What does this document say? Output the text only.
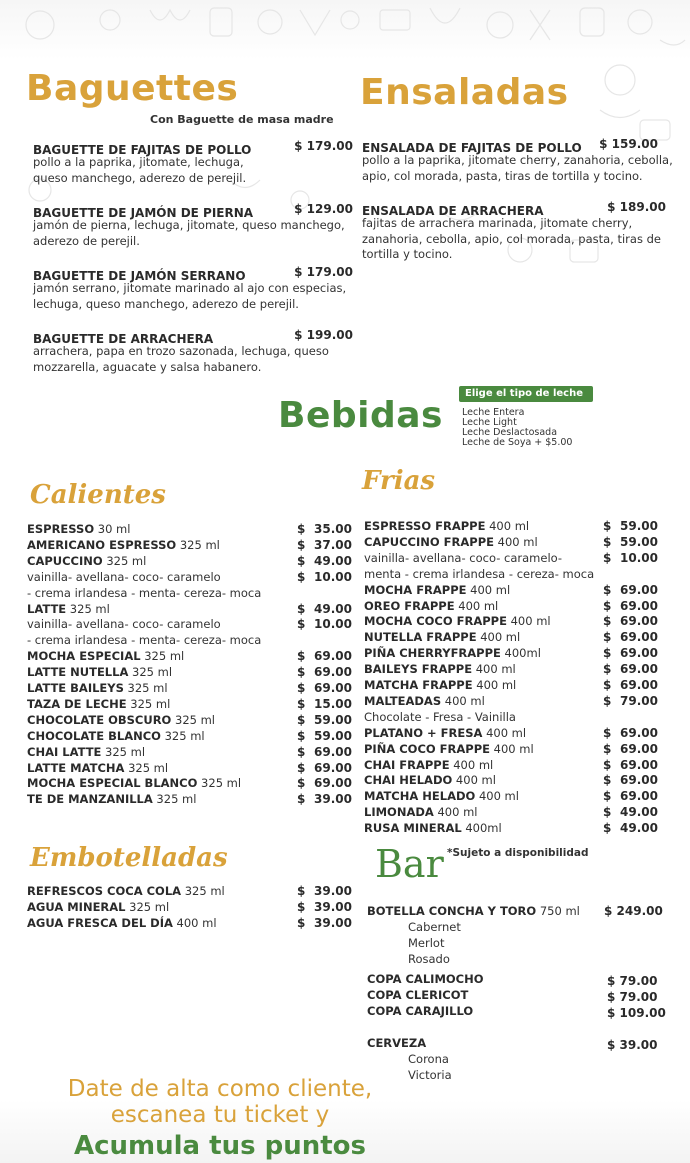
Baguettes
Con Baguette de masa madre
BAGUETTE DE FAJITAS DE POLLO	$ 179.00
pollo a la paprika, jitomate, lechuga,
queso manchego, aderezo de perejil.
BAGUETTE DE JAMÓN DE PIERNA	$ 129.00
jamón de pierna, lechuga, jitomate, queso manchego,
aderezo de perejil.
BAGUETTE DE JAMÓN SERRANO	$ 179.00
jamón serrano, jitomate marinado al ajo con especias,
lechuga, queso manchego, aderezo de perejil.
BAGUETTE DE ARRACHERA	$ 199.00
arrachera, papa en trozo sazonada, lechuga, queso
mozzarella, aguacate y salsa habanero.
Ensaladas
ENSALADA DE FAJITAS DE POLLO $ 159.00
pollo a la paprika, jitomate cherry, zanahoria, cebolla,
apio, col morada, pasta, tiras de tortilla y tocino.
ENSALADA DE ARRACHERA	$ 189.00
fajitas de arrachera marinada, jitomate cherry,
zanahoria, cebolla, apio, col morada, pasta, tiras de
tortilla y tocino.
Bebidas
Elige el tipo de leche
Leche Entera
Leche Light
Leche Deslactosada
Leche de Soya + $5.00
Calientes
ESPRESSO 30 ml	$ 35.00
AMERICANO ESPRESSO 325 ml	$ 37.00
CAPUCCINO 325 ml	$ 49.00
vainilla- avellana- coco- caramelo	$ 10.00
- crema irlandesa - menta- cereza- moca
LATTE 325 ml	$ 49.00
vainilla- avellana- coco- caramelo	$ 10.00
- crema irlandesa - menta- cereza- moca
MOCHA ESPECIAL 325 ml	$ 69.00
LATTE NUTELLA 325 ml	$ 69.00
LATTE BAILEYS 325 ml	$ 69.00
TAZA DE LECHE 325 ml	$ 15.00
CHOCOLATE OBSCURO 325 ml	$ 59.00
CHOCOLATE BLANCO 325 ml	$ 59.00
CHAI LATTE 325 ml	$ 69.00
LATTE MATCHA 325 ml	$ 69.00
MOCHA ESPECIAL BLANCO 325 ml	$ 69.00
TE DE MANZANILLA 325 ml	$ 39.00
Frias
ESPRESSO FRAPPE 400 ml	$ 59.00
CAPUCCINO FRAPPE 400 ml	$ 59.00
vainilla- avellana- coco- caramelo-	$ 10.00
menta - crema irlandesa - cereza- moca
MOCHA FRAPPE 400 ml	$ 69.00
OREO FRAPPE 400 ml	$ 69.00
MOCHA COCO FRAPPE 400 ml	$ 69.00
NUTELLA FRAPPE 400 ml	$ 69.00
PIÑA CHERRYFRAPPE 400ml	$ 69.00
BAILEYS FRAPPE 400 ml	$ 69.00
MATCHA FRAPPE 400 ml	$ 69.00
MALTEADAS 400 ml	$ 79.00
Chocolate - Fresa - Vainilla
PLATANO + FRESA 400 ml	$ 69.00
PIÑA COCO FRAPPE 400 ml	$ 69.00
CHAI FRAPPE 400 ml	$ 69.00
CHAI HELADO 400 ml	$ 69.00
MATCHA HELADO 400 ml	$ 69.00
LIMONADA 400 ml	$ 49.00
RUSA MINERAL 400ml	$ 49.00
Embotelladas
REFRESCOS COCA COLA 325 ml	$ 39.00
AGUA MINERAL 325 ml	$ 39.00
AGUA FRESCA DEL DÍA 400 ml	$ 39.00
Bar *Sujeto a disponibilidad
BOTELLA CONCHA Y TORO 750 ml $ 249.00
Cabernet
Merlot
Rosado
COPA CALIMOCHO	$ 79.00
COPA CLERICOT	$ 79.00
COPA CARAJILLO	$ 109.00
CERVEZA	$ 39.00
Corona
Victoria
Date de alta como cliente,
escanea tu ticket y
Acumula tus puntos
